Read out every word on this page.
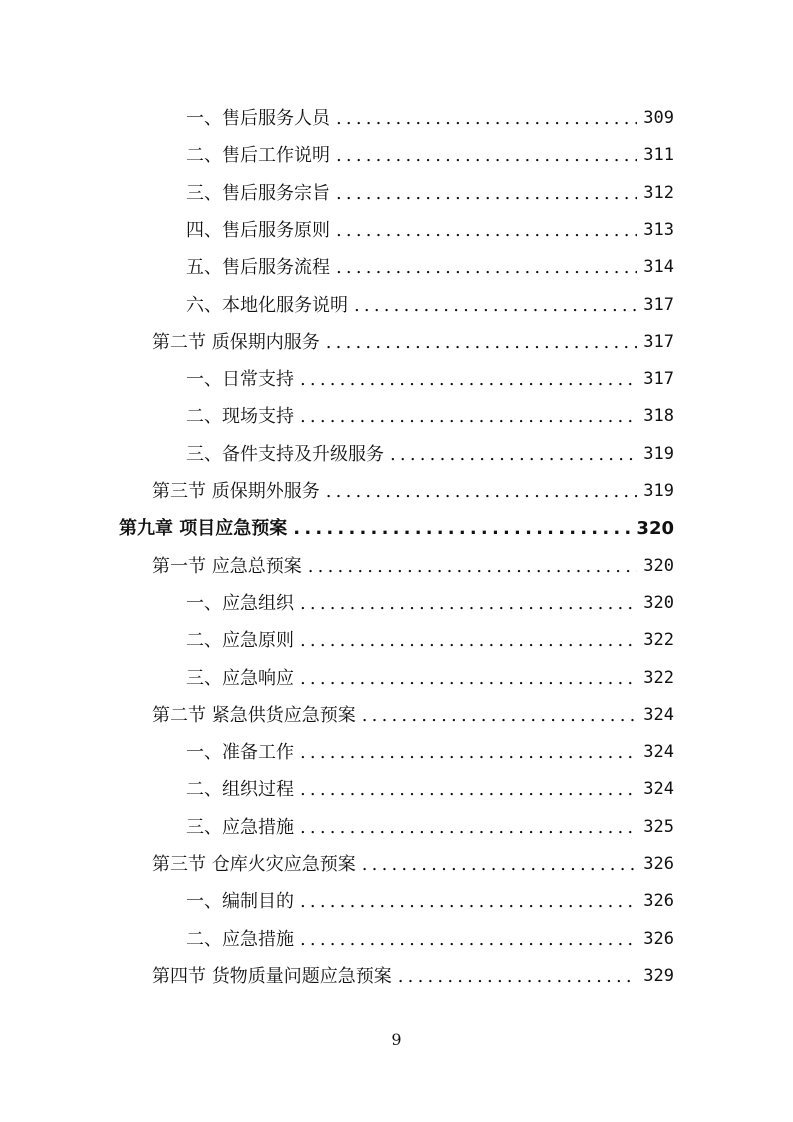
一、售后服务人员 .....	309
二、售后工作说明 .....	311
三、售后服务宗旨 .....	312
四、售后服务原则 .....	313
五、售后服务流程 .....	314
六、本地化服务说明 .....	317
第二节 质保期内服务 .....	317
一、日常支持 .....	317
二、现场支持 .....	318
三、备件支持及升级服务 .....	319
第三节 质保期外服务 .....	319
第九章 项目应急预案 .....	320
第一节 应急总预案 .....	320
一、应急组织 .....	320
二、应急原则 .....	322
三、应急响应 .....	322
第二节 紧急供货应急预案 .....	324
一、准备工作 .....	324
二、组织过程 .....	324
三、应急措施 .....	325
第三节 仓库火灾应急预案 .....	326
一、编制目的 .....	326
二、应急措施 .....	326
第四节 货物质量问题应急预案 .....	329
9
